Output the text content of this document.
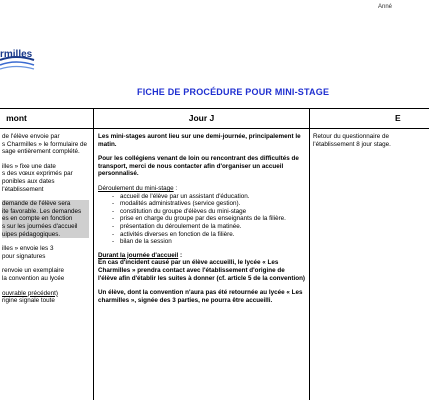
Anné
rmilles
FICHE DE PROCÉDURE POUR MINI-STAGE
mont
de l'élève envoie par
s Charmilles » le formulaire de
sage entièrement complété.
illes » fixe une date
s des vœux exprimés par
ponibles aux dates
l'établissement
demande de l'élève sera
ite favorable. Les demandes
es en compte en fonction
s sur les journées d'accueil
uipes pédagogiques.
illes » envoie les 3
pour signatures
renvoie un exemplaire
la convention au lycée
ouvrable précédent)
rigine signale toute
Jour J
Les mini-stages auront lieu sur une demi-journée, principalement le matin.
Pour les collégiens venant de loin ou rencontrant des difficultés de transport, merci de nous contacter afin d'organiser un accueil personnalisé.
Déroulement du mini-stage :
- accueil de l'élève par un assistant d'éducation.
- modalités administratives (service gestion).
- constitution du groupe d'élèves du mini-stage
- prise en charge du groupe par des enseignants de la filière.
- présentation du déroulement de la matinée.
- activités diverses en fonction de la filière.
- bilan de la session
Durant la journée d'accueil :
En cas d'incident causé par un élève accueilli, le lycée « Les Charmilles » prendra contact avec l'établissement d'origine de l'élève afin d'établir les suites à donner (cf. article 5 de la convention)
Un élève, dont la convention n'aura pas été retournée au lycée « Les charmilles », signée des 3 parties, ne pourra être accueilli.
E
Retour du questionnaire de l'établissement 8 jour stage.
